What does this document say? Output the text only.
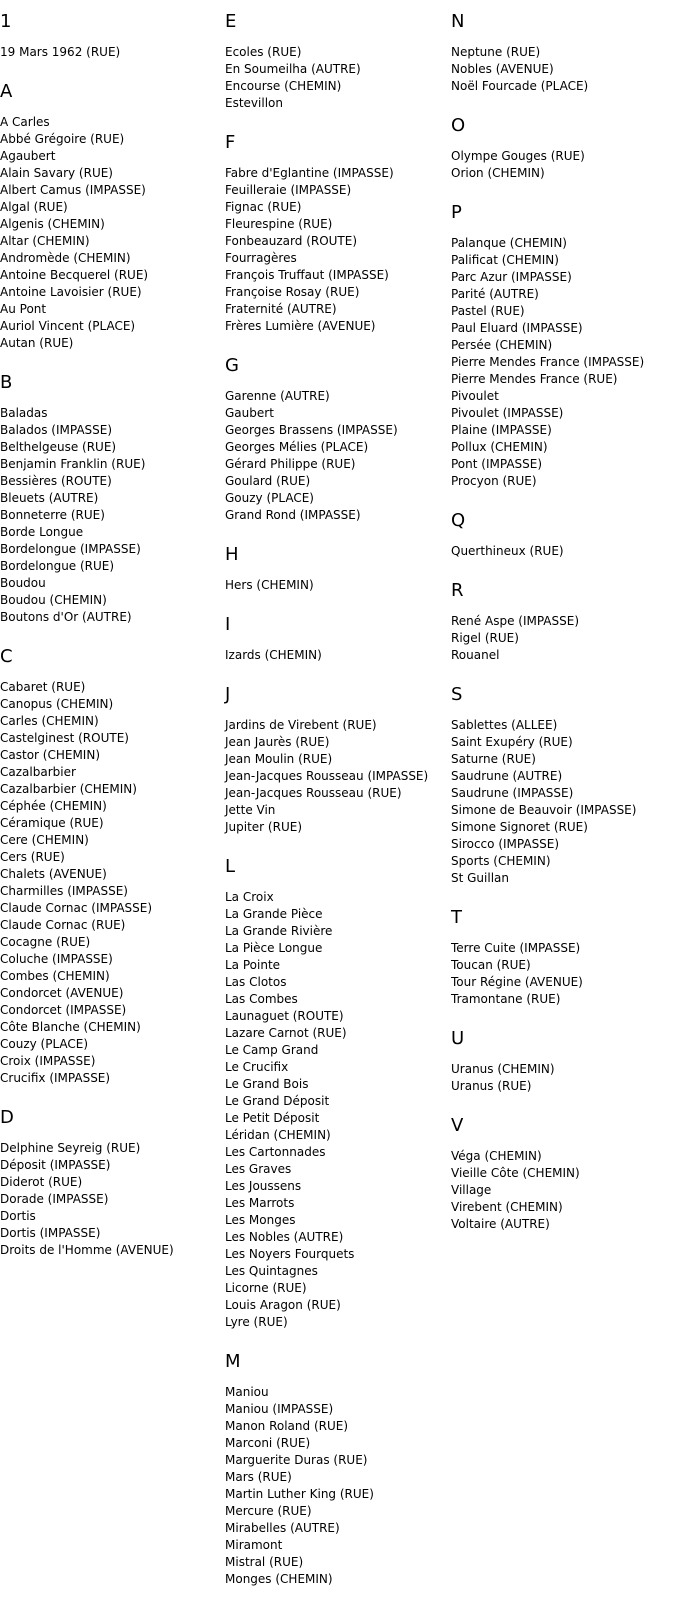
1
19 Mars 1962 (RUE)
A
A Carles
Abbé Grégoire (RUE)
Agaubert
Alain Savary (RUE)
Albert Camus (IMPASSE)
Algal (RUE)
Algenis (CHEMIN)
Altar (CHEMIN)
Andromède (CHEMIN)
Antoine Becquerel (RUE)
Antoine Lavoisier (RUE)
Au Pont
Auriol Vincent (PLACE)
Autan (RUE)
B
Baladas
Balados (IMPASSE)
Belthelgeuse (RUE)
Benjamin Franklin (RUE)
Bessières (ROUTE)
Bleuets (AUTRE)
Bonneterre (RUE)
Borde Longue
Bordelongue (IMPASSE)
Bordelongue (RUE)
Boudou
Boudou (CHEMIN)
Boutons d'Or (AUTRE)
C
Cabaret (RUE)
Canopus (CHEMIN)
Carles (CHEMIN)
Castelginest (ROUTE)
Castor (CHEMIN)
Cazalbarbier
Cazalbarbier (CHEMIN)
Céphée (CHEMIN)
Céramique (RUE)
Cere (CHEMIN)
Cers (RUE)
Chalets (AVENUE)
Charmilles (IMPASSE)
Claude Cornac (IMPASSE)
Claude Cornac (RUE)
Cocagne (RUE)
Coluche (IMPASSE)
Combes (CHEMIN)
Condorcet (AVENUE)
Condorcet (IMPASSE)
Côte Blanche (CHEMIN)
Couzy (PLACE)
Croix (IMPASSE)
Crucifix (IMPASSE)
D
Delphine Seyreig (RUE)
Déposit (IMPASSE)
Diderot (RUE)
Dorade (IMPASSE)
Dortis
Dortis (IMPASSE)
Droits de l'Homme (AVENUE)
E
Ecoles (RUE)
En Soumeilha (AUTRE)
Encourse (CHEMIN)
Estevillon
F
Fabre d'Eglantine (IMPASSE)
Feuilleraie (IMPASSE)
Fignac (RUE)
Fleurespine (RUE)
Fonbeauzard (ROUTE)
Fourragères
François Truffaut (IMPASSE)
Françoise Rosay (RUE)
Fraternité (AUTRE)
Frères Lumière (AVENUE)
G
Garenne (AUTRE)
Gaubert
Georges Brassens (IMPASSE)
Georges Mélies (PLACE)
Gérard Philippe (RUE)
Goulard (RUE)
Gouzy (PLACE)
Grand Rond (IMPASSE)
H
Hers (CHEMIN)
I
Izards (CHEMIN)
J
Jardins de Virebent (RUE)
Jean Jaurès (RUE)
Jean Moulin (RUE)
Jean-Jacques Rousseau (IMPASSE)
Jean-Jacques Rousseau (RUE)
Jette Vin
Jupiter (RUE)
L
La Croix
La Grande Pièce
La Grande Rivière
La Pièce Longue
La Pointe
Las Clotos
Las Combes
Launaguet (ROUTE)
Lazare Carnot (RUE)
Le Camp Grand
Le Crucifix
Le Grand Bois
Le Grand Déposit
Le Petit Déposit
Léridan (CHEMIN)
Les Cartonnades
Les Graves
Les Joussens
Les Marrots
Les Monges
Les Nobles (AUTRE)
Les Noyers Fourquets
Les Quintagnes
Licorne (RUE)
Louis Aragon (RUE)
Lyre (RUE)
M
Maniou
Maniou (IMPASSE)
Manon Roland (RUE)
Marconi (RUE)
Marguerite Duras (RUE)
Mars (RUE)
Martin Luther King (RUE)
Mercure (RUE)
Mirabelles (AUTRE)
Miramont
Mistral (RUE)
Monges (CHEMIN)
N
Neptune (RUE)
Nobles (AVENUE)
Noël Fourcade (PLACE)
O
Olympe Gouges (RUE)
Orion (CHEMIN)
P
Palanque (CHEMIN)
Palificat (CHEMIN)
Parc Azur (IMPASSE)
Parité (AUTRE)
Pastel (RUE)
Paul Eluard (IMPASSE)
Persée (CHEMIN)
Pierre Mendes France (IMPASSE)
Pierre Mendes France (RUE)
Pivoulet
Pivoulet (IMPASSE)
Plaine (IMPASSE)
Pollux (CHEMIN)
Pont (IMPASSE)
Procyon (RUE)
Q
Querthineux (RUE)
R
René Aspe (IMPASSE)
Rigel (RUE)
Rouanel
S
Sablettes (ALLEE)
Saint Exupéry (RUE)
Saturne (RUE)
Saudrune (AUTRE)
Saudrune (IMPASSE)
Simone de Beauvoir (IMPASSE)
Simone Signoret (RUE)
Sirocco (IMPASSE)
Sports (CHEMIN)
St Guillan
T
Terre Cuite (IMPASSE)
Toucan (RUE)
Tour Régine (AVENUE)
Tramontane (RUE)
U
Uranus (CHEMIN)
Uranus (RUE)
V
Véga (CHEMIN)
Vieille Côte (CHEMIN)
Village
Virebent (CHEMIN)
Voltaire (AUTRE)
